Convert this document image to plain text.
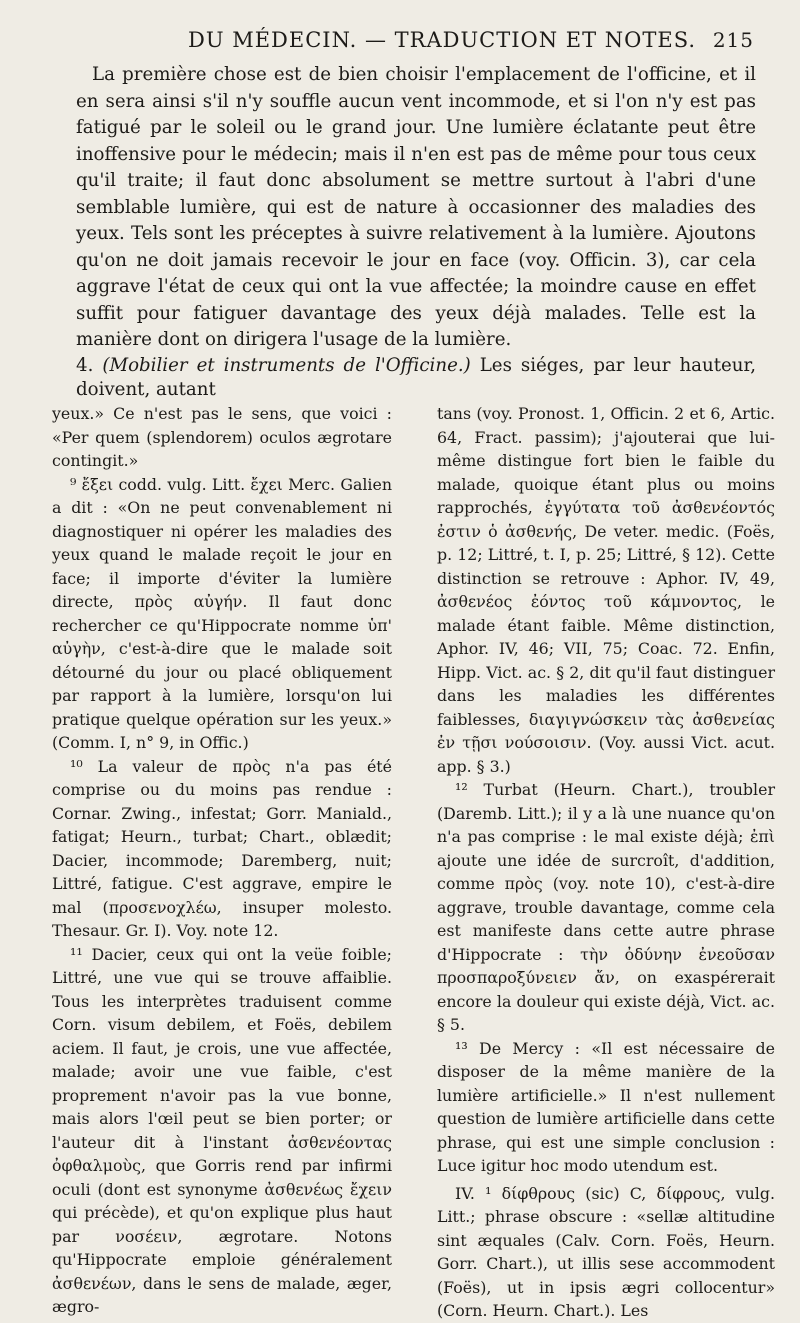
DU MÉDECIN. — TRADUCTION ET NOTES. 215

La première chose est de bien choisir l'emplacement de l'officine, et il en sera ainsi s'il n'y souffle aucun vent incommode, et si l'on n'y est pas fatigué par le soleil ou le grand jour. Une lumière éclatante peut être inoffensive pour le médecin; mais il n'en est pas de même pour tous ceux qu'il traite; il faut donc absolument se mettre surtout à l'abri d'une semblable lumière, qui est de nature à occasionner des maladies des yeux. Tels sont les préceptes à suivre relativement à la lumière. Ajoutons qu'on ne doit jamais recevoir le jour en face (voy. Officin. 3), car cela aggrave l'état de ceux qui ont la vue affectée; la moindre cause en effet suffit pour fatiguer davantage des yeux déjà malades. Telle est la manière dont on dirigera l'usage de la lumière.

4. (Mobilier et instruments de l'Officine.) Les siéges, par leur hauteur, doivent, autant

yeux.» Ce n'est pas le sens, que voici : «Per quem (splendorem) oculos ægrotare contingit.»

⁹ ἔξει codd. vulg. Litt. ἔχει Merc. Galien a dit : «On ne peut convenablement ni diagnostiquer ni opérer les maladies des yeux quand le malade reçoit le jour en face; il importe d'éviter la lumière directe, πρὸς αὐγήν. Il faut donc rechercher ce qu'Hippocrate nomme ὑπ' αὐγὴν, c'est-à-dire que le malade soit détourné du jour ou placé obliquement par rapport à la lumière, lorsqu'on lui pratique quelque opération sur les yeux.» (Comm. I, n° 9, in Offic.)

¹⁰ La valeur de πρὸς n'a pas été comprise ou du moins pas rendue : Cornar. Zwing., infestat; Gorr. Maniald., fatigat; Heurn., turbat; Chart., oblædit; Dacier, incommode; Daremberg, nuit; Littré, fatigue. C'est aggrave, empire le mal (προσενοχλέω, insuper molesto. Thesaur. Gr. I). Voy. note 12.

¹¹ Dacier, ceux qui ont la veüe foible; Littré, une vue qui se trouve affaiblie. Tous les interprètes traduisent comme Corn. visum debilem, et Foës, debilem aciem. Il faut, je crois, une vue affectée, malade; avoir une vue faible, c'est proprement n'avoir pas la vue bonne, mais alors l'œil peut se bien porter; or l'auteur dit à l'instant ἀσθενέοντας ὀφθαλμοὺς, que Gorris rend par infirmi oculi (dont est synonyme ἀσθενέως ἔχειν qui précède), et qu'on explique plus haut par νοσέειν, ægrotare. Notons qu'Hippocrate emploie généralement ἀσθενέων, dans le sens de malade, æger, ægro-

tans (voy. Pronost. 1, Officin. 2 et 6, Artic. 64, Fract. passim); j'ajouterai que lui-même distingue fort bien le faible du malade, quoique étant plus ou moins rapprochés, ἐγγύτατα τοῦ ἀσθενέοντός ἐστιν ὁ ἀσθενής, De veter. medic. (Foës, p. 12; Littré, t. I, p. 25; Littré, § 12). Cette distinction se retrouve : Aphor. IV, 49, ἀσθενέος ἐόντος τοῦ κάμνοντος, le malade étant faible. Même distinction, Aphor. IV, 46; VII, 75; Coac. 72. Enfin, Hipp. Vict. ac. § 2, dit qu'il faut distinguer dans les maladies les différentes faiblesses, διαγιγνώσκειν τὰς ἀσθενείας ἐν τῇσι νούσοισιν. (Voy. aussi Vict. acut. app. § 3.)

¹² Turbat (Heurn. Chart.), troubler (Daremb. Litt.); il y a là une nuance qu'on n'a pas comprise : le mal existe déjà; ἐπὶ ajoute une idée de surcroît, d'addition, comme πρὸς (voy. note 10), c'est-à-dire aggrave, trouble davantage, comme cela est manifeste dans cette autre phrase d'Hippocrate : τὴν ὀδύνην ἐνεοῦσαν προσπαροξύνειεν ἄν, on exaspérerait encore la douleur qui existe déjà, Vict. ac. § 5.

¹³ De Mercy : «Il est nécessaire de disposer de la même manière de la lumière artificielle.» Il n'est nullement question de lumière artificielle dans cette phrase, qui est une simple conclusion : Luce igitur hoc modo utendum est.

IV. ¹ δίφθρους (sic) C, δίφρους, vulg. Litt.; phrase obscure : «sellæ altitudine sint æquales (Calv. Corn. Foës, Heurn. Gorr. Chart.), ut illis sese accommodent (Foës), ut in ipsis ægri collocentur» (Corn. Heurn. Chart.). Les
